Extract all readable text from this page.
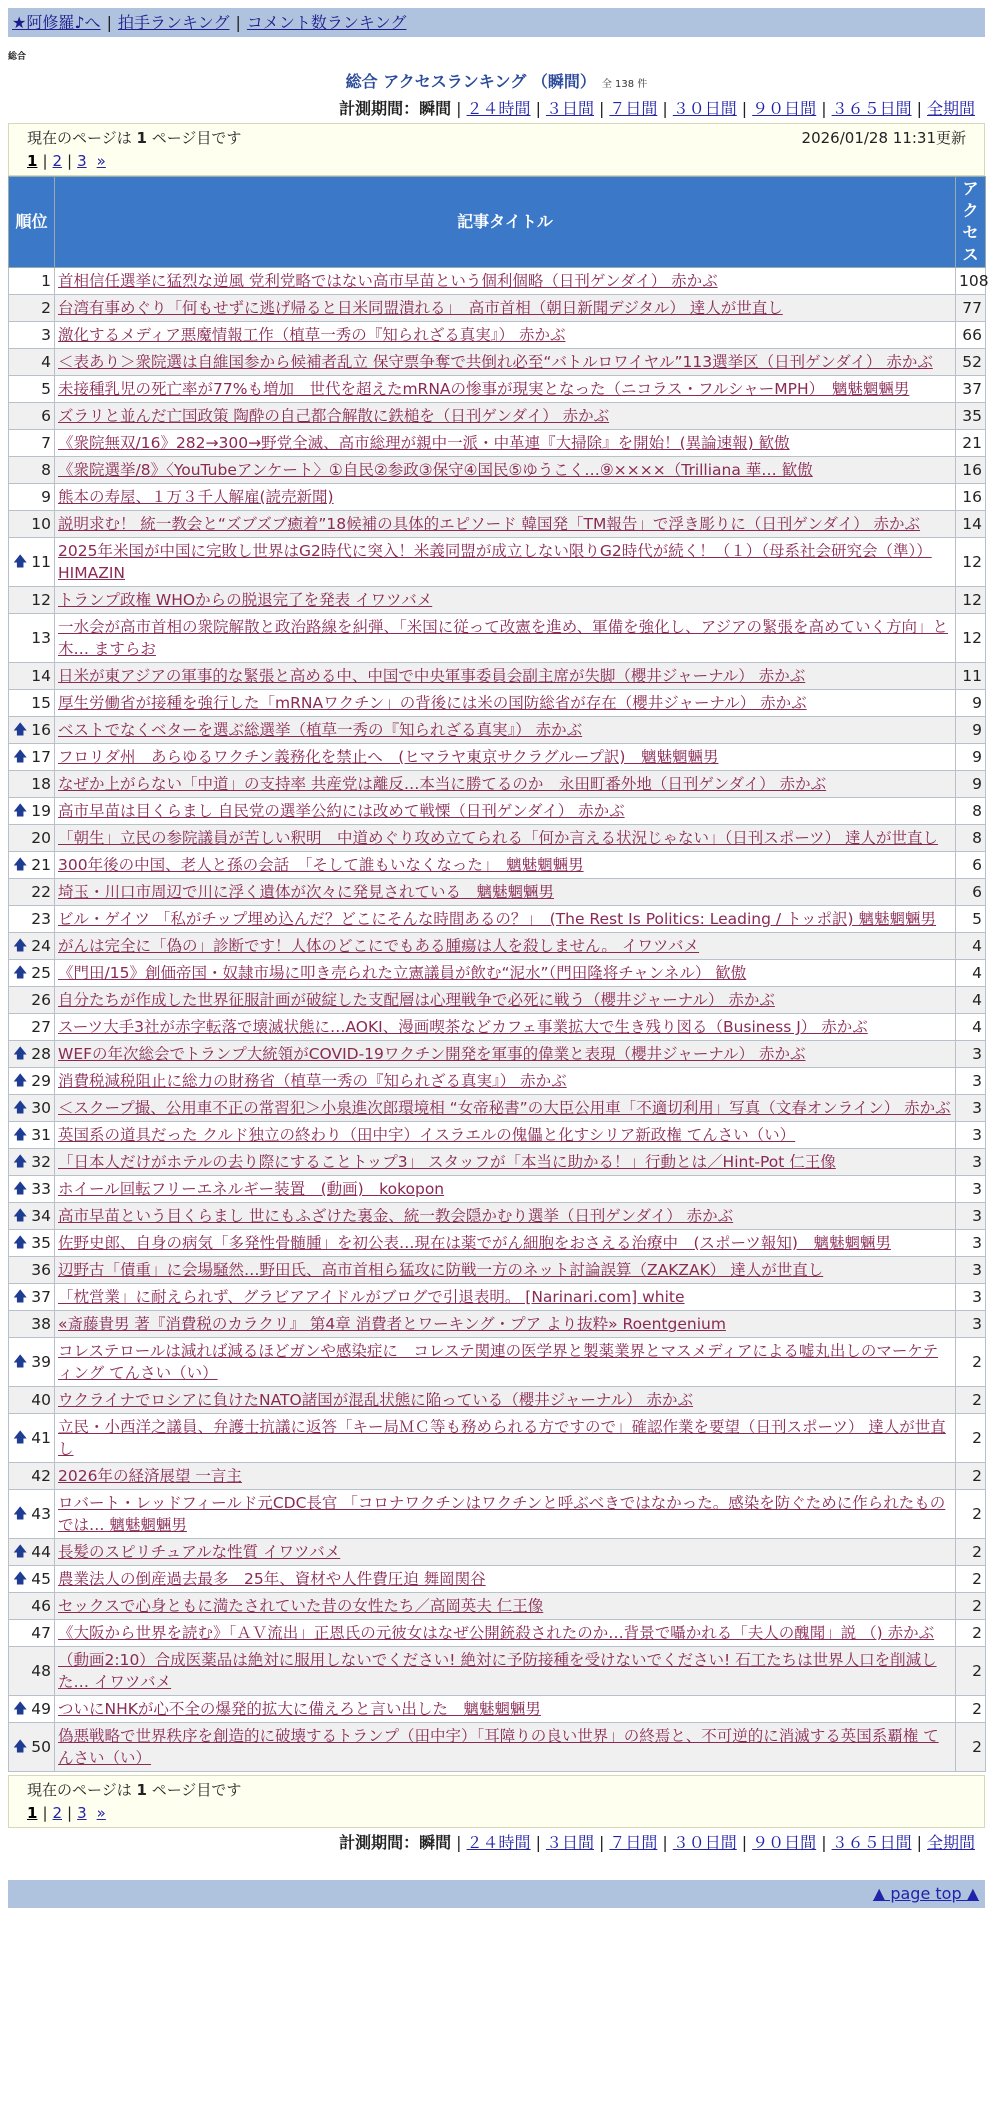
★阿修羅♪へ | 拍手ランキング | コメント数ランキング
総合
総合 アクセスランキング （瞬間） 全 138 件
計測期間：瞬間 | ２４時間 | ３日間 | ７日間 | ３０日間 | ９０日間 | ３６５日間 | 全期間
現在のページは 1 ページ目です	2026/01/28 11:31更新
1 | 2 | 3 »
順位	記事タイトル	アクセス
1	首相信任選挙に猛烈な逆風 党利党略ではない高市早苗という個利個略（日刊ゲンダイ） 赤かぶ	108
2	台湾有事めぐり「何もせずに逃げ帰ると日米同盟潰れる」　高市首相（朝日新聞デジタル） 達人が世直し	77
3	激化するメディア悪魔情報工作（植草一秀の『知られざる真実』） 赤かぶ	66
4	＜表あり＞衆院選は自維国参から候補者乱立 保守票争奪で共倒れ必至“バトルロワイヤル”113選挙区（日刊ゲンダイ） 赤かぶ	52
5	未接種乳児の死亡率が77%も増加　世代を超えたmRNAの惨事が現実となった（ニコラス・フルシャーMPH）　魑魅魍魎男	37
6	ズラリと並んだ亡国政策 陶酔の自己都合解散に鉄槌を（日刊ゲンダイ） 赤かぶ	35
7	《衆院無双/16》282→300→野党全滅、高市総理が親中一派・中革連『大掃除』を開始！(異論速報) 歓傲	21
8	《衆院選挙/8》〈YouTubeアンケート〉①自民②参政③保守④国民⑤ゆうこく…⑨××××（Trilliana 華… 歓傲	16
9	熊本の寿屋、１万３千人解雇(読売新聞)	16
10	説明求む！ 統一教会と“ズブズブ癒着”18候補の具体的エピソード 韓国発「TM報告」で浮き彫りに（日刊ゲンダイ） 赤かぶ	14

🡅 11	2025年米国が中国に完敗し世界はG2時代に突入！米義同盟が成立しない限りG2時代が続く！（１）（母系社会研究会（準）） HIMAZIN	12
12	トランプ政権 WHOからの脱退完了を発表 イワツバメ	12
13	一水会が高市首相の衆院解散と政治路線を糾弾、「米国に従って改憲を進め、軍備を強化し、アジアの緊張を高めていく方向」と木… ますらお	12
14	日米が東アジアの軍事的な緊張と高める中、中国で中央軍事委員会副主席が失脚（櫻井ジャーナル） 赤かぶ	11
15	厚生労働省が接種を強行した「mRNAワクチン」の背後には米の国防総省が存在（櫻井ジャーナル） 赤かぶ	9

🡅 16	ベストでなくベターを選ぶ総選挙（植草一秀の『知られざる真実』） 赤かぶ	9

🡅 17	フロリダ州　あらゆるワクチン義務化を禁止へ　(ヒマラヤ東京サクラグループ訳)　魑魅魍魎男	9
18	なぜか上がらない「中道」の支持率 共産党は離反…本当に勝てるのか　永田町番外地（日刊ゲンダイ） 赤かぶ	9

🡅 19	高市早苗は目くらまし 自民党の選挙公約には改めて戦慄（日刊ゲンダイ） 赤かぶ	8
20	「朝生」立民の参院議員が苦しい釈明　中道めぐり攻め立てられる「何か言える状況じゃない」（日刊スポーツ） 達人が世直し	8

🡅 21	300年後の中国、老人と孫の会話　「そして誰もいなくなった」　魑魅魍魎男	6
22	埼玉・川口市周辺で川に浮く遺体が次々に発見されている　魑魅魍魎男	6
23	ビル・ゲイツ 「私がチップ埋め込んだ？どこにそんな時間あるの？」　(The Rest Is Politics: Leading / トッポ訳) 魑魅魍魎男	5

🡅 24	がんは完全に「偽の」診断です！人体のどこにでもある腫瘍は人を殺しません。 イワツバメ	4

🡅 25	《門田/15》創価帝国・奴隷市場に叩き売られた立憲議員が飲む“泥水”（門田隆将チャンネル） 歓傲	4
26	自分たちが作成した世界征服計画が破綻した支配層は心理戦争で必死に戦う（櫻井ジャーナル） 赤かぶ	4
27	スーツ大手3社が赤字転落で壊滅状態に…AOKI、漫画喫茶などカフェ事業拡大で生き残り図る（Business J） 赤かぶ	4

🡅 28	WEFの年次総会でトランプ大統領がCOVID-19ワクチン開発を軍事的偉業と表現（櫻井ジャーナル） 赤かぶ	3

🡅 29	消費税減税阻止に総力の財務省（植草一秀の『知られざる真実』） 赤かぶ	3

🡅 30	＜スクープ撮、公用車不正の常習犯＞小泉進次郎環境相 “女帝秘書”の大臣公用車「不適切利用」写真（文春オンライン） 赤かぶ	3

🡅 31	英国系の道具だった クルド独立の終わり（田中宇）イスラエルの傀儡と化すシリア新政権 てんさい（い）	3

🡅 32	「日本人だけがホテルの去り際にすることトップ3」 スタッフが「本当に助かる！」行動とは／Hint-Pot 仁王像	3

🡅 33	ホイール回転フリーエネルギー装置　(動画)　kokopon	3

🡅 34	高市早苗という目くらまし 世にもふざけた裏金、統一教会隠かむり選挙（日刊ゲンダイ） 赤かぶ	3

🡅 35	佐野史郎、自身の病気「多発性骨髄腫」を初公表…現在は薬でがん細胞をおさえる治療中　(スポーツ報知)　魑魅魍魎男	3
36	辺野古「債重」に会場騒然…野田氏、高市首相ら猛攻に防戦一方のネット討論誤算（ZAKZAK） 達人が世直し	3

🡅 37	「枕営業」に耐えられず、グラビアアイドルがブログで引退表明。 [Narinari.com] white	3
38	«斎藤貴男 著『消費税のカラクリ』 第4章 消費者とワーキング・プア より抜粋» Roentgenium	3

🡅 39	コレステロールは減れば減るほどガンや感染症に　コレステ関連の医学界と製薬業界とマスメディアによる嘘丸出しのマーケティング てんさい（い）	2
40	ウクライナでロシアに負けたNATO諸国が混乱状態に陥っている（櫻井ジャーナル） 赤かぶ	2

🡅 41	立民・小西洋之議員、弁護士抗議に返答「キー局ＭＣ等も務められる方ですので」確認作業を要望（日刊スポーツ） 達人が世直し	2
42	2026年の経済展望 一言主	2

🡅 43	ロバート・レッドフィールド元CDC長官 「コロナワクチンはワクチンと呼ぶべきではなかった。感染を防ぐために作られたものでは… 魑魅魍魎男	2

🡅 44	長髪のスピリチュアルな性質 イワツバメ	2

🡅 45	農業法人の倒産過去最多　25年、資材や人件費圧迫 舞岡関谷	2
46	セックスで心身ともに満たされていた昔の女性たち／高岡英夫 仁王像	2
47	《大阪から世界を読む》「ＡＶ流出」正恩氏の元彼女はなぜ公開銃殺されたのか…背景で囁かれる「夫人の醜聞」説 （) 赤かぶ	2
48	（動画2:10）合成医薬品は絶対に服用しないでください! 絶対に予防接種を受けないでください! 石工たちは世界人口を削減した… イワツバメ	2

🡅 49	ついにNHKが心不全の爆発的拡大に備えろと言い出した　魑魅魍魎男	2

🡅 50	偽悪戦略で世界秩序を創造的に破壊するトランプ（田中宇）「耳障りの良い世界」の終焉と、不可逆的に消滅する英国系覇権 てんさい（い）	2
現在のページは 1 ページ目です
1 | 2 | 3 »
計測期間：瞬間 | ２４時間 | ３日間 | ７日間 | ３０日間 | ９０日間 | ３６５日間 | 全期間
▲ page top ▲
